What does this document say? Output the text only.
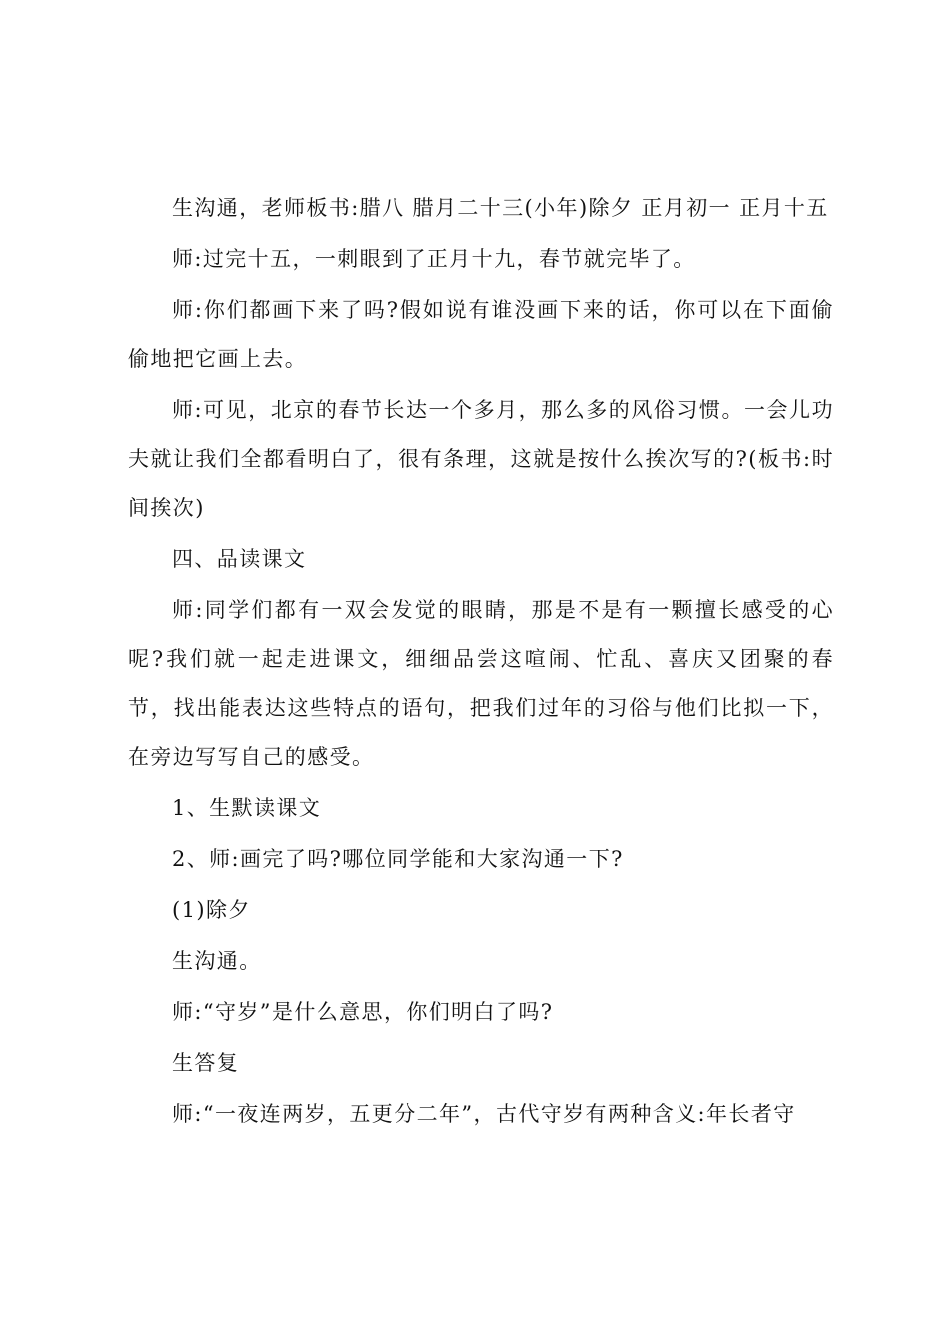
生沟通，老师板书:腊八 腊月二十三(小年)除夕 正月初一 正月十五

师:过完十五，一刺眼到了正月十九，春节就完毕了。

师:你们都画下来了吗?假如说有谁没画下来的话，你可以在下面偷偷地把它画上去。

师:可见，北京的春节长达一个多月，那么多的风俗习惯。一会儿功夫就让我们全都看明白了，很有条理，这就是按什么挨次写的?(板书:时间挨次)

四、品读课文

师:同学们都有一双会发觉的眼睛，那是不是有一颗擅长感受的心呢?我们就一起走进课文，细细品尝这喧闹、忙乱、喜庆又团聚的春节，找出能表达这些特点的语句，把我们过年的习俗与他们比拟一下，在旁边写写自己的感受。

1、生默读课文

2、师:画完了吗?哪位同学能和大家沟通一下?

(1)除夕

生沟通。

师:“守岁”是什么意思，你们明白了吗?

生答复

师:“一夜连两岁，五更分二年”，古代守岁有两种含义:年长者守
